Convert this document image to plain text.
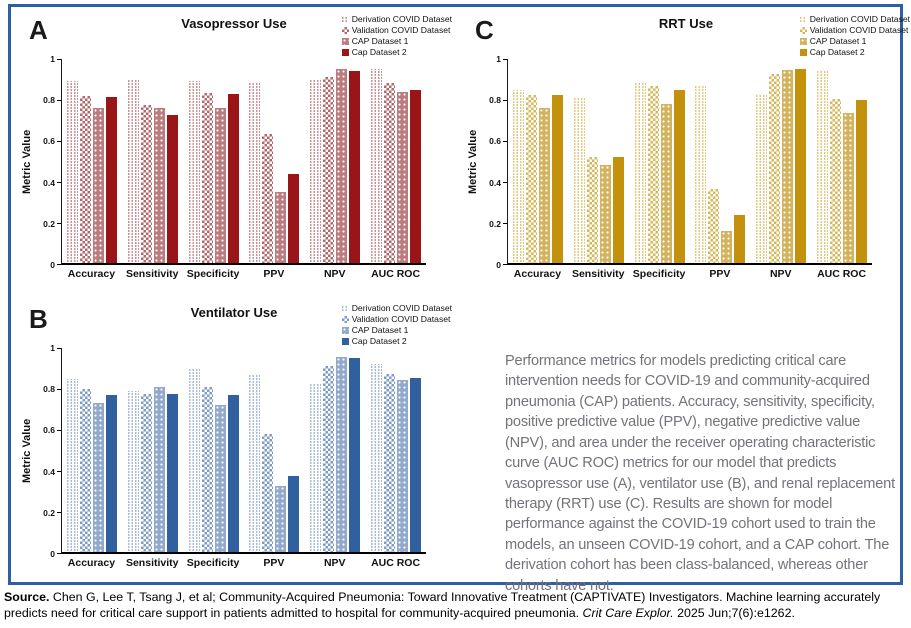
A	Vasopressor Use	Derivation COVID Dataset
Validation COVID Dataset
CAP Dataset 1
Cap Dataset 2
Metric Value
1
0.8
0.6
0.4
0.2
0
Accuracy	Sensitivity Specificity	PPV	NPV	AUC ROC
C	RRT Use	Derivation COVID Dataset
Validation COVID Dataset
CAP Dataset 1
Cap Dataset 2
Metric Value
1
0.8
0.6
0.4
0.2
0
Accuracy	Sensitivity Specificity	PPV	NPV	AUC ROC
B	Ventilator Use	Derivation COVID Dataset
Validation COVID Dataset
CAP Dataset 1
Cap Dataset 2
Metric Value
1
0.8
0.6
0.4
0.2
0
Accuracy	Sensitivity Specificity	PPV	NPV	AUC ROC

Performance metrics for models predicting critical care intervention needs for COVID-19 and community-acquired pneumonia (CAP) patients. Accuracy, sensitivity, specificity, positive predictive value (PPV), negative predictive value (NPV), and area under the receiver operating characteristic curve (AUC ROC) metrics for our model that predicts vasopressor use (A), ventilator use (B), and renal replacement therapy (RRT) use (C). Results are shown for model performance against the COVID-19 cohort used to train the models, an unseen COVID-19 cohort, and a CAP cohort. The derivation cohort has been class-balanced, whereas other cohorts have not.

Source. Chen G, Lee T, Tsang J, et al; Community-Acquired Pneumonia: Toward Innovative Treatment (CAPTIVATE) Investigators. Machine learning accurately predicts need for critical care support in patients admitted to hospital for community-acquired pneumonia. Crit Care Explor. 2025 Jun;7(6):e1262.
